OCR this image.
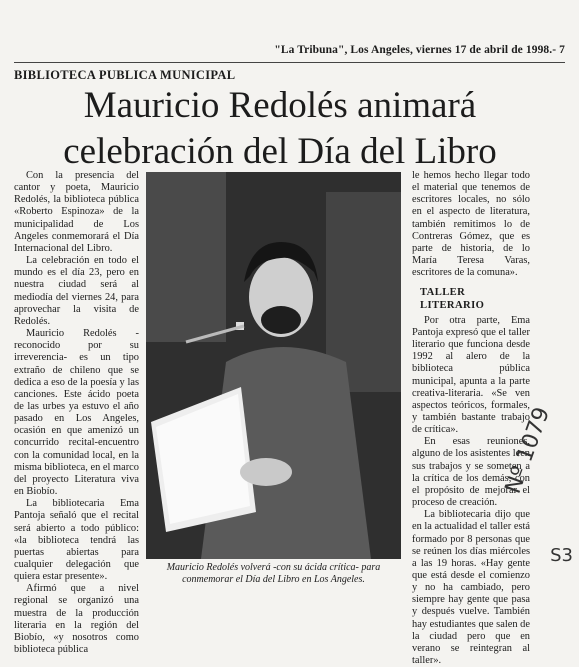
"La Tribuna", Los Angeles, viernes 17 de abril de 1998.- 7
BIBLIOTECA PUBLICA MUNICIPAL
Mauricio Redolés animará
celebración del Día del Libro

Con la presencia del cantor y poeta, Mauricio Redolés, la biblioteca pública «Roberto Espinoza» de la municipalidad de Los Angeles conmemorará el Día Internacional del Libro.

La celebración en todo el mundo es el día 23, pero en nuestra ciudad será al mediodía del viernes 24, para aprovechar la visita de Redolés.

Mauricio Redolés -reconocido por su irreverencia- es un tipo extraño de chileno que se dedica a eso de la poesía y las canciones. Este ácido poeta de las urbes ya estuvo el año pasado en Los Angeles, ocasión en que amenizó un concurrido recital-encuentro con la comunidad local, en la misma biblioteca, en el marco del proyecto Literatura viva en Biobío.

La bibliotecaria Ema Pantoja señaló que el recital será abierto a todo público: «la biblioteca tendrá las puertas abiertas para cualquier delegación que quiera estar presente».

Afirmó que a nivel regional se organizó una muestra de la producción literaria en la región del Biobío, «y nosotros como biblioteca pública

Mauricio Redolés volverá -con su ácida crítica- para conmemorar el Día del Libro en Los Angeles.

le hemos hecho llegar todo el material que tenemos de escritores locales, no sólo en el aspecto de literatura, también remitimos lo de Contreras Gómez, que es parte de historia, de lo María Teresa Varas, escritores de la comuna».

TALLER LITERARIO

Por otra parte, Ema Pantoja expresó que el taller literario que funciona desde 1992 al alero de la biblioteca pública municipal, apunta a la parte creativa-literaria. «Se ven aspectos teóricos, formales, y también bastante trabajo de crítica».

En esas reuniones, alguno de los asistentes leen sus trabajos y se someten a la crítica de los demás, con el propósito de mejorar el proceso de creación.

La bibliotecaria dijo que en la actualidad el taller está formado por 8 personas que se reúnen los días miércoles a las 19 horas. «Hay gente que está desde el comienzo y no ha cambiado, pero siempre hay gente que pasa y después vuelve. También hay estudiantes que salen de la ciudad pero que en verano se reintegran al taller».

Nº 1079
S3
